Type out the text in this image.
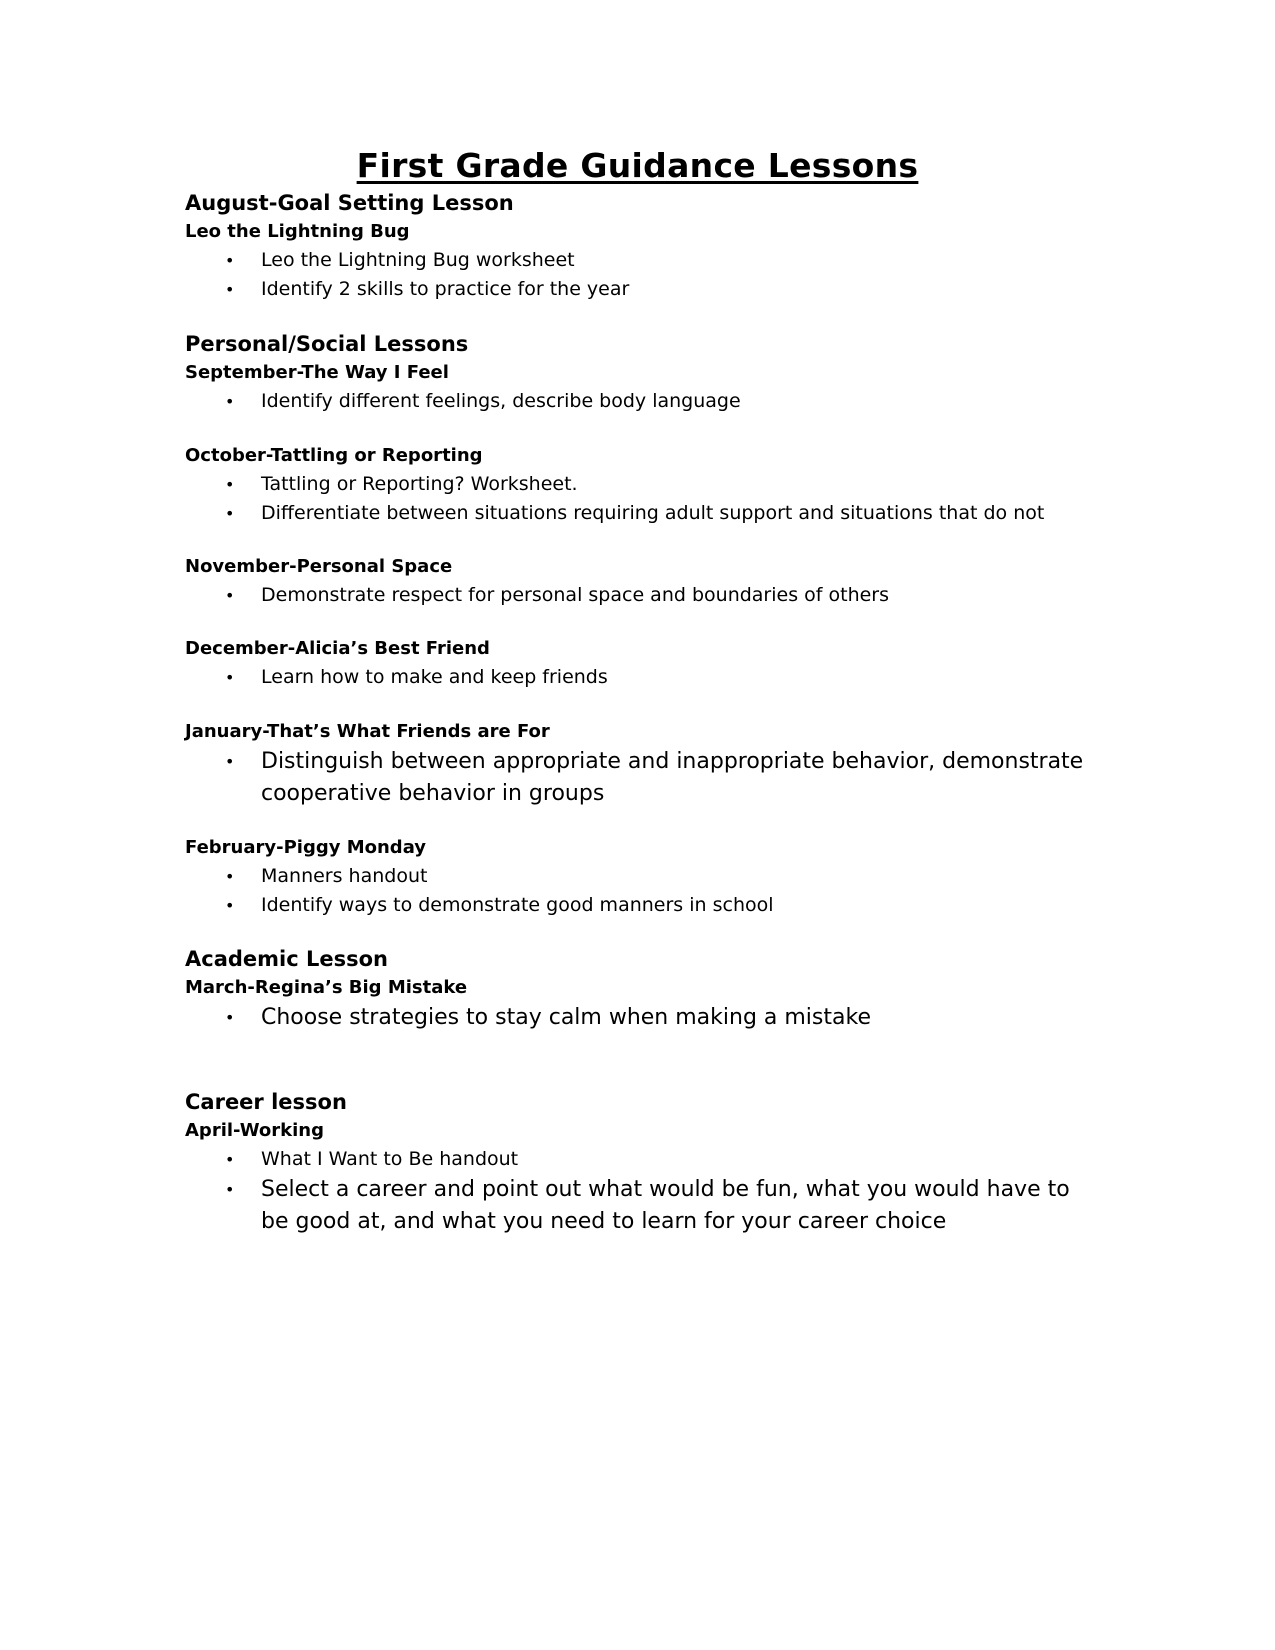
First Grade Guidance Lessons
August-Goal Setting Lesson
Leo the Lightning Bug
• Leo the Lightning Bug worksheet
• Identify 2 skills to practice for the year
Personal/Social Lessons
September-The Way I Feel
• Identify different feelings, describe body language
October-Tattling or Reporting
• Tattling or Reporting? Worksheet.
• Differentiate between situations requiring adult support and situations that do not
November-Personal Space
• Demonstrate respect for personal space and boundaries of others
December-Alicia’s Best Friend
• Learn how to make and keep friends
January-That’s What Friends are For
• Distinguish between appropriate and inappropriate behavior, demonstrate cooperative behavior in groups
February-Piggy Monday
• Manners handout
• Identify ways to demonstrate good manners in school
Academic Lesson
March-Regina’s Big Mistake
• Choose strategies to stay calm when making a mistake
Career lesson
April-Working
• What I Want to Be handout
• Select a career and point out what would be fun, what you would have to be good at, and what you need to learn for your career choice
